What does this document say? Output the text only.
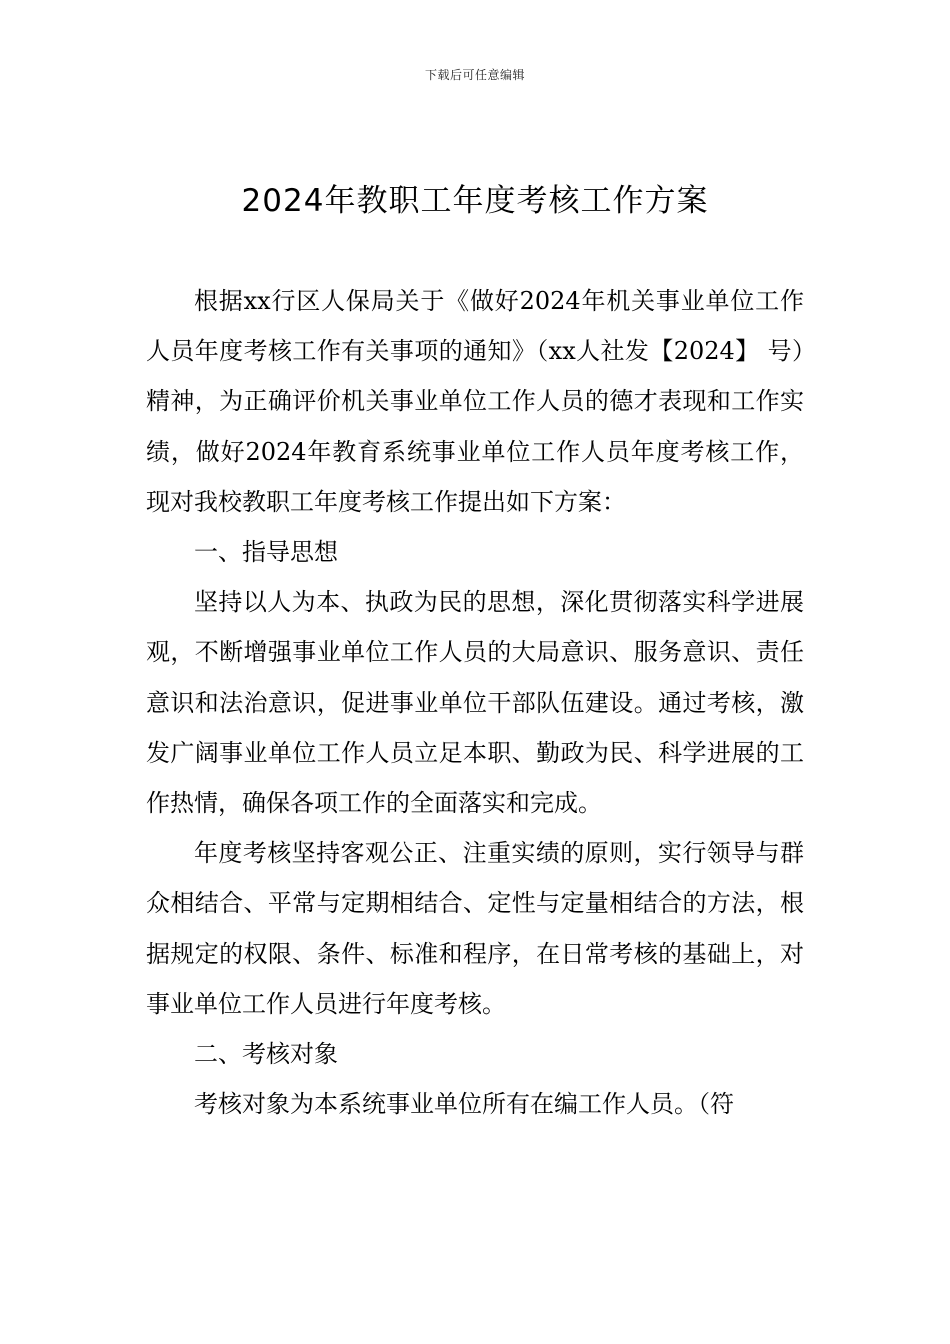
下载后可任意编辑
2024年教职工年度考核工作方案

根据xx行区人保局关于《做好2024年机关事业单位工作人员年度考核工作有关事项的通知》（xx人社发【2024】 号）精神，为正确评价机关事业单位工作人员的德才表现和工作实绩，做好2024年教育系统事业单位工作人员年度考核工作，现对我校教职工年度考核工作提出如下方案：

一、指导思想

坚持以人为本、执政为民的思想，深化贯彻落实科学进展观，不断增强事业单位工作人员的大局意识、服务意识、责任意识和法治意识，促进事业单位干部队伍建设。通过考核，激发广阔事业单位工作人员立足本职、勤政为民、科学进展的工作热情，确保各项工作的全面落实和完成。

年度考核坚持客观公正、注重实绩的原则，实行领导与群众相结合、平常与定期相结合、定性与定量相结合的方法，根据规定的权限、条件、标准和程序，在日常考核的基础上，对事业单位工作人员进行年度考核。

二、考核对象

考核对象为本系统事业单位所有在编工作人员。（符
